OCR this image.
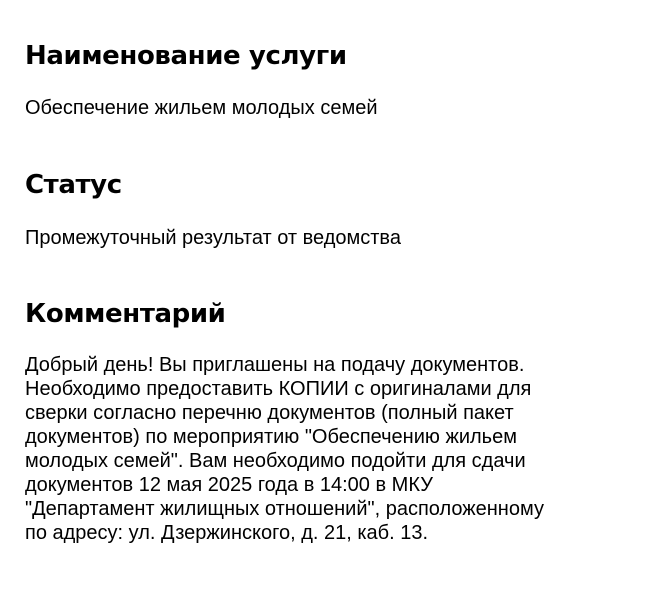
Наименование услуги

Обеспечение жильем молодых семей

Статус

Промежуточный результат от ведомства

Комментарий

Добрый день! Вы приглашены на подачу документов.
Необходимо предоставить КОПИИ с оригиналами для
сверки согласно перечню документов (полный пакет
документов) по мероприятию "Обеспечению жильем
молодых семей". Вам необходимо подойти для сдачи
документов 12 мая 2025 года в 14:00 в МКУ
"Департамент жилищных отношений", расположенному
по адресу: ул. Дзержинского, д. 21, каб. 13.
